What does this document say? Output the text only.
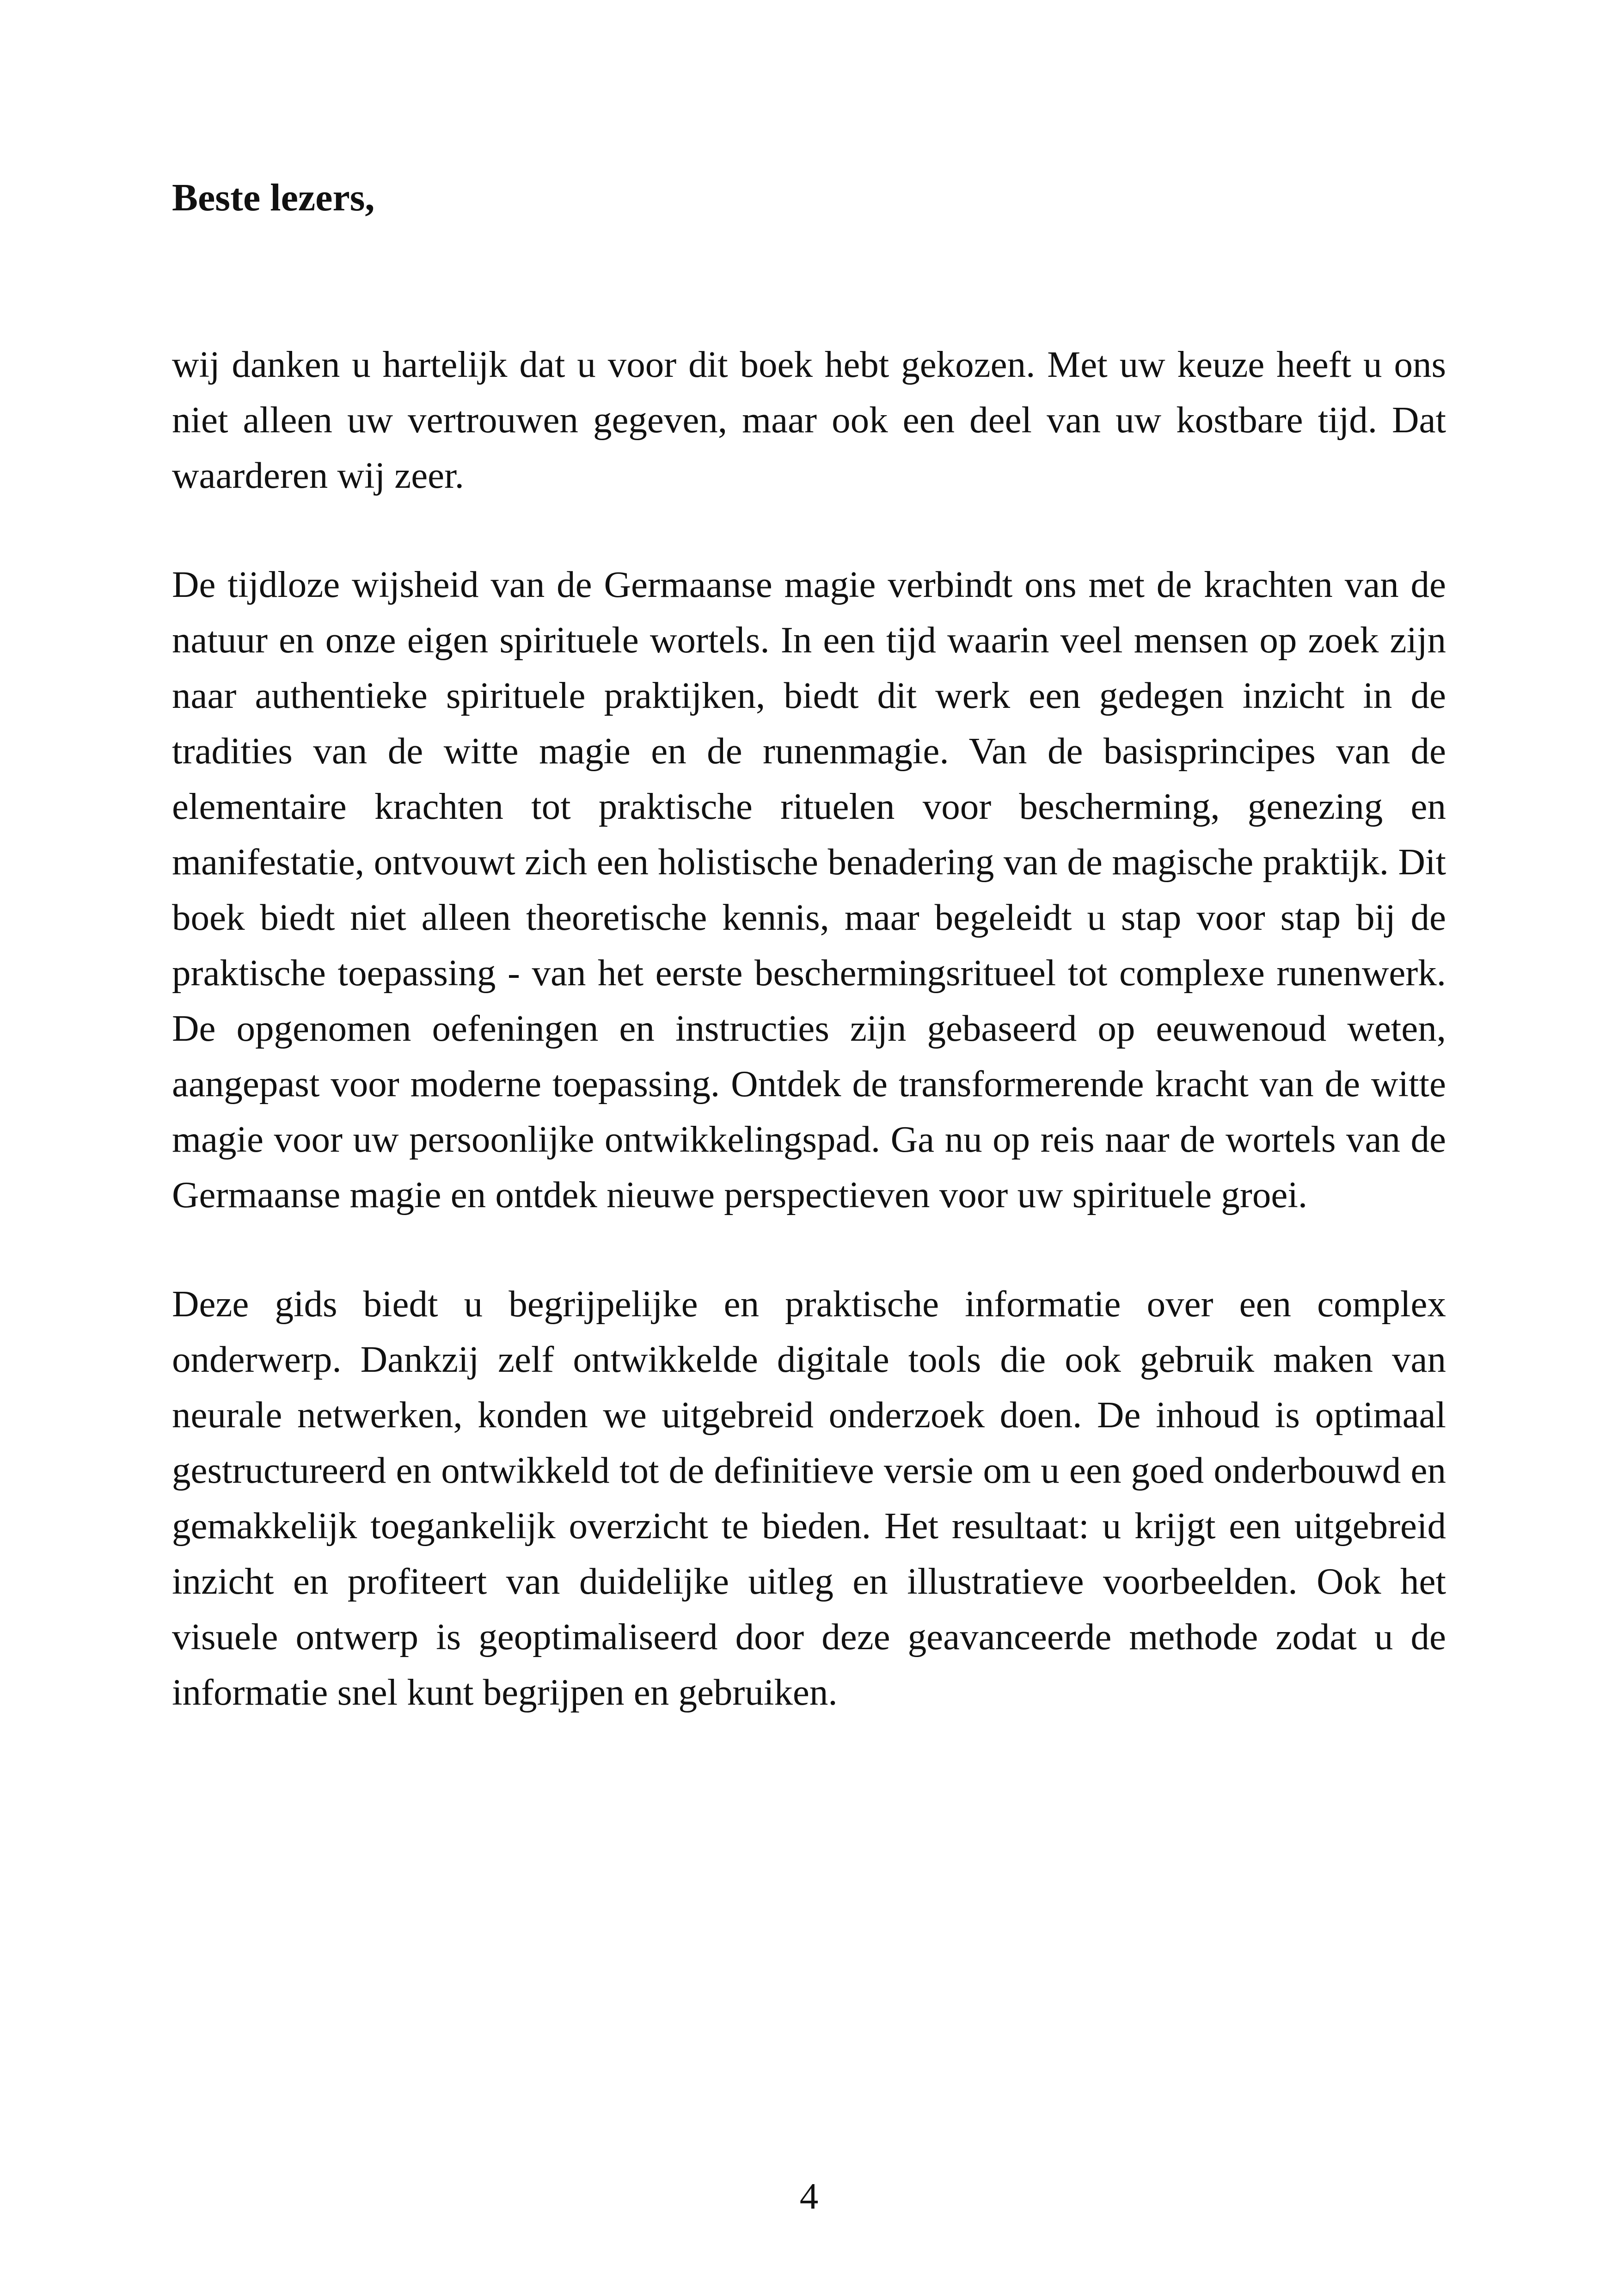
Beste lezers,

wij danken u hartelijk dat u voor dit boek hebt gekozen. Met uw keuze heeft u ons niet alleen uw vertrouwen gegeven, maar ook een deel van uw kostbare tijd. Dat waarderen wij zeer.

De tijdloze wijsheid van de Germaanse magie verbindt ons met de krachten van de natuur en onze eigen spirituele wortels. In een tijd waarin veel mensen op zoek zijn naar authentieke spirituele praktijken, biedt dit werk een gedegen inzicht in de tradities van de witte magie en de runenmagie. Van de basisprincipes van de elementaire krachten tot praktische rituelen voor bescherming, genezing en manifestatie, ontvouwt zich een holistische benadering van de magische praktijk. Dit boek biedt niet alleen theoretische kennis, maar begeleidt u stap voor stap bij de praktische toepassing - van het eerste beschermingsritueel tot complexe runenwerk. De opgenomen oefeningen en instructies zijn gebaseerd op eeuwenoud weten, aangepast voor moderne toepassing. Ontdek de transformerende kracht van de witte magie voor uw persoonlijke ontwikkelingspad. Ga nu op reis naar de wortels van de Germaanse magie en ontdek nieuwe perspectieven voor uw spirituele groei.

Deze gids biedt u begrijpelijke en praktische informatie over een complex onderwerp. Dankzij zelf ontwikkelde digitale tools die ook gebruik maken van neurale netwerken, konden we uitgebreid onderzoek doen. De inhoud is optimaal gestructureerd en ontwikkeld tot de definitieve versie om u een goed onderbouwd en gemakkelijk toegankelijk overzicht te bieden. Het resultaat: u krijgt een uitgebreid inzicht en profiteert van duidelijke uitleg en illustratieve voorbeelden. Ook het visuele ontwerp is geoptimaliseerd door deze geavanceerde methode zodat u de informatie snel kunt begrijpen en gebruiken.

4
